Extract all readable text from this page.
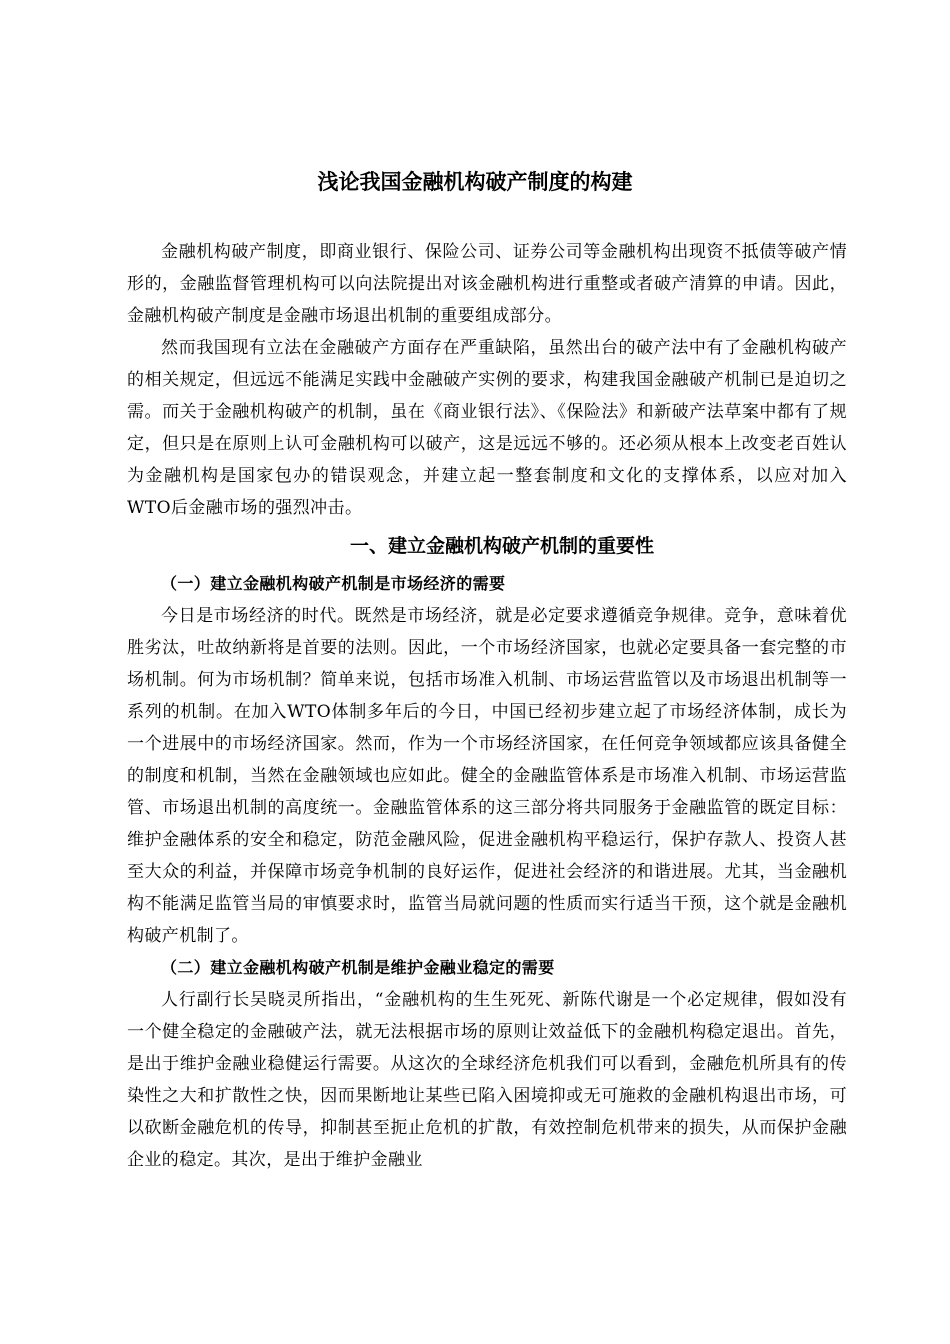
浅论我国金融机构破产制度的构建

金融机构破产制度，即商业银行、保险公司、证券公司等金融机构出现资不抵债等破产情形的，金融监督管理机构可以向法院提出对该金融机构进行重整或者破产清算的申请。因此，金融机构破产制度是金融市场退出机制的重要组成部分。

然而我国现有立法在金融破产方面存在严重缺陷，虽然出台的破产法中有了金融机构破产的相关规定，但远远不能满足实践中金融破产实例的要求，构建我国金融破产机制已是迫切之需。而关于金融机构破产的机制，虽在《商业银行法》、《保险法》和新破产法草案中都有了规定，但只是在原则上认可金融机构可以破产，这是远远不够的。还必须从根本上改变老百姓认为金融机构是国家包办的错误观念，并建立起一整套制度和文化的支撑体系，以应对加入WTO后金融市场的强烈冲击。

一、建立金融机构破产机制的重要性
（一）建立金融机构破产机制是市场经济的需要

今日是市场经济的时代。既然是市场经济，就是必定要求遵循竞争规律。竞争，意味着优胜劣汰，吐故纳新将是首要的法则。因此，一个市场经济国家，也就必定要具备一套完整的市场机制。何为市场机制？简单来说，包括市场准入机制、市场运营监管以及市场退出机制等一系列的机制。在加入WTO体制多年后的今日，中国已经初步建立起了市场经济体制，成长为一个进展中的市场经济国家。然而，作为一个市场经济国家，在任何竞争领域都应该具备健全的制度和机制，当然在金融领域也应如此。健全的金融监管体系是市场准入机制、市场运营监管、市场退出机制的高度统一。金融监管体系的这三部分将共同服务于金融监管的既定目标：维护金融体系的安全和稳定，防范金融风险，促进金融机构平稳运行，保护存款人、投资人甚至大众的利益，并保障市场竞争机制的良好运作，促进社会经济的和谐进展。尤其，当金融机构不能满足监管当局的审慎要求时，监管当局就问题的性质而实行适当干预，这个就是金融机构破产机制了。

（二）建立金融机构破产机制是维护金融业稳定的需要

人行副行长吴晓灵所指出，“金融机构的生生死死、新陈代谢是一个必定规律，假如没有一个健全稳定的金融破产法，就无法根据市场的原则让效益低下的金融机构稳定退出。首先，是出于维护金融业稳健运行需要。从这次的全球经济危机我们可以看到，金融危机所具有的传染性之大和扩散性之快，因而果断地让某些已陷入困境抑或无可施救的金融机构退出市场，可以砍断金融危机的传导，抑制甚至扼止危机的扩散，有效控制危机带来的损失，从而保护金融企业的稳定。其次，是出于维护金融业
